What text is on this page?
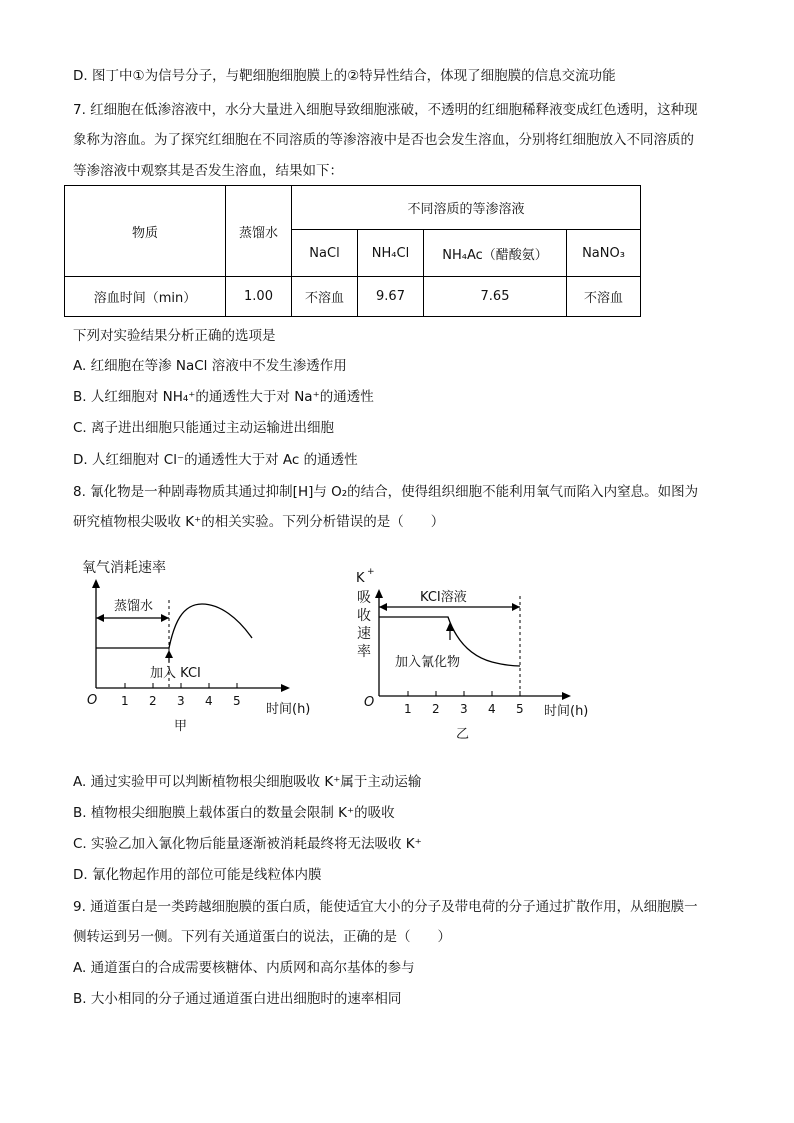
D. 图丁中①为信号分子，与靶细胞细胞膜上的②特异性结合，体现了细胞膜的信息交流功能
7. 红细胞在低渗溶液中，水分大量进入细胞导致细胞涨破，不透明的红细胞稀释液变成红色透明，这种现
象称为溶血。为了探究红细胞在不同溶质的等渗溶液中是否也会发生溶血，分别将红细胞放入不同溶质的
等渗溶液中观察其是否发生溶血，结果如下：
物质	蒸馏水	不同溶质的等渗溶液			
		NaCl	NH₄Cl	NH₄Ac（醋酸氨）	NaNO₃
溶血时间（min）	1.00	不溶血	9.67	7.65	不溶血
下列对实验结果分析正确的选项是
A. 红细胞在等渗 NaCl 溶液中不发生渗透作用
B. 人红细胞对 NH₄⁺的通透性大于对 Na⁺的通透性
C. 离子进出细胞只能通过主动运输进出细胞
D. 人红细胞对 Cl⁻的通透性大于对 Ac 的通透性
8. 氰化物是一种剧毒物质其通过抑制[H]与 O₂的结合，使得组织细胞不能利用氧气而陷入内窒息。如图为
研究植物根尖吸收 K⁺的相关实验。下列分析错误的是（　　）
氧气消耗速率
O 1 2 3 4 5
时间(h)
甲
蒸馏水
加入 KCI
K +
吸
收
速
率
O 1 2 3 4 5 时间(h)
乙
KCI溶液
加入氰化物
A. 通过实验甲可以判断植物根尖细胞吸收 K⁺属于主动运输
B. 植物根尖细胞膜上载体蛋白的数量会限制 K⁺的吸收
C. 实验乙加入氰化物后能量逐渐被消耗最终将无法吸收 K⁺
D. 氰化物起作用的部位可能是线粒体内膜
9. 通道蛋白是一类跨越细胞膜的蛋白质，能使适宜大小的分子及带电荷的分子通过扩散作用，从细胞膜一
侧转运到另一侧。下列有关通道蛋白的说法，正确的是（　　）
A. 通道蛋白的合成需要核糖体、内质网和高尔基体的参与
B. 大小相同的分子通过通道蛋白进出细胞时的速率相同
